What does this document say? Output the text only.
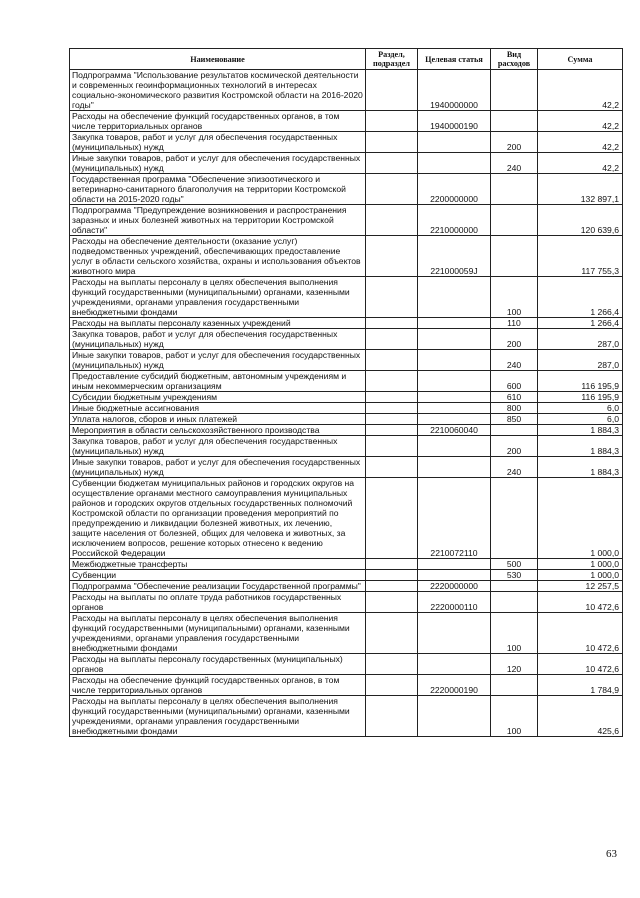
Наименование	Раздел, подраздел	Целевая статья	Вид расходов	Сумма
Подпрограмма "Использование результатов космической деятельности и современных геоинформационных технологий в интересах социально-экономического развития Костромской области на 2016-2020 годы"		1940000000		42,2
Расходы на обеспечение функций государственных органов, в том числе территориальных органов		1940000190		42,2
Закупка товаров, работ и услуг для обеспечения государственных (муниципальных) нужд			200	42,2
Иные закупки товаров, работ и услуг для обеспечения государственных (муниципальных) нужд			240	42,2
Государственная программа "Обеспечение эпизоотического и ветеринарно-санитарного благополучия на территории Костромской области на 2015-2020 годы"		2200000000		132 897,1
Подпрограмма "Предупреждение возникновения и распространения заразных и иных болезней животных на территории Костромской области"		2210000000		120 639,6
Расходы на обеспечение деятельности (оказание услуг) подведомственных учреждений, обеспечивающих предоставление услуг в области сельского хозяйства, охраны и использования объектов животного мира		221000059J		117 755,3
Расходы на выплаты персоналу в целях обеспечения выполнения функций государственными (муниципальными) органами, казенными учреждениями, органами управления государственными внебюджетными фондами			100	1 266,4
Расходы на выплаты персоналу казенных учреждений			110	1 266,4
Закупка товаров, работ и услуг для обеспечения государственных (муниципальных) нужд			200	287,0
Иные закупки товаров, работ и услуг для обеспечения государственных (муниципальных) нужд			240	287,0
Предоставление субсидий бюджетным, автономным учреждениям и иным некоммерческим организациям			600	116 195,9
Субсидии бюджетным учреждениям			610	116 195,9
Иные бюджетные ассигнования			800	6,0
Уплата налогов, сборов и иных платежей			850	6,0
Мероприятия в области сельскохозяйственного производства		2210060040		1 884,3
Закупка товаров, работ и услуг для обеспечения государственных (муниципальных) нужд			200	1 884,3
Иные закупки товаров, работ и услуг для обеспечения государственных (муниципальных) нужд			240	1 884,3
Субвенции бюджетам муниципальных районов и городских округов на осуществление органами местного самоуправления муниципальных районов и городских округов отдельных государственных полномочий Костромской области по организации проведения мероприятий по предупреждению и ликвидации болезней животных, их лечению, защите населения от болезней, общих для человека и животных, за исключением вопросов, решение которых отнесено к ведению Российской Федерации		2210072110		1 000,0
Межбюджетные трансферты			500	1 000,0
Субвенции			530	1 000,0
Подпрограмма "Обеспечение реализации Государственной программы"		2220000000		12 257,5
Расходы на выплаты по оплате труда работников государственных органов		2220000110		10 472,6
Расходы на выплаты персоналу в целях обеспечения выполнения функций государственными (муниципальными) органами, казенными учреждениями, органами управления государственными внебюджетными фондами			100	10 472,6
Расходы на выплаты персоналу государственных (муниципальных) органов			120	10 472,6
Расходы на обеспечение функций государственных органов, в том числе территориальных органов		2220000190		1 784,9
Расходы на выплаты персоналу в целях обеспечения выполнения функций государственными (муниципальными) органами, казенными учреждениями, органами управления государственными внебюджетными фондами			100	425,6
63
